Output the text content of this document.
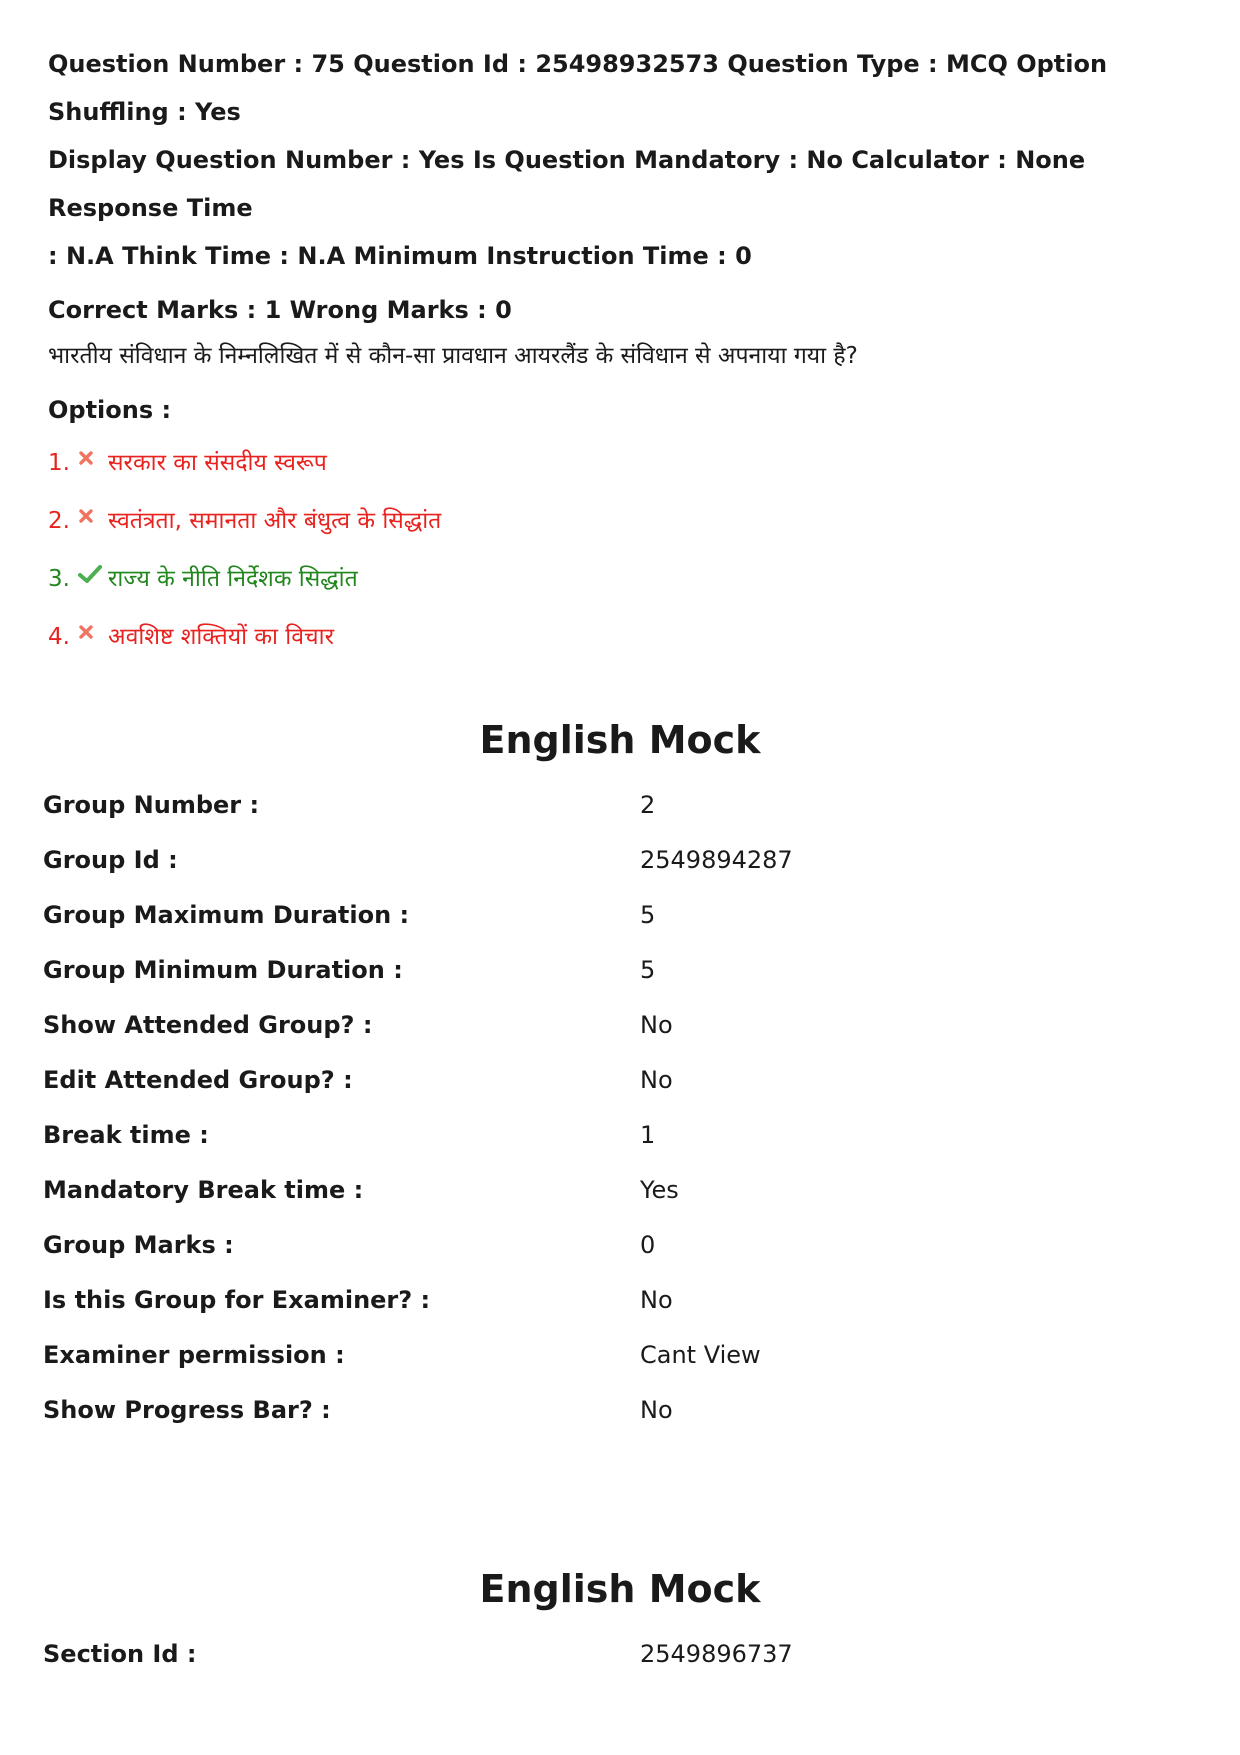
Question Number : 75 Question Id : 25498932573 Question Type : MCQ Option Shuffling : Yes

Display Question Number : Yes Is Question Mandatory : No Calculator : None Response Time

: N.A Think Time : N.A Minimum Instruction Time : 0

Correct Marks : 1 Wrong Marks : 0
भारतीय संविधान के निम्नलिखित में से कौन-सा प्रावधान आयरलैंड के संविधान से अपनाया गया है?
Options :
1.	सरकार का संसदीय स्वरूप
2.	स्वतंत्रता, समानता और बंधुत्व के सिद्धांत
3.	राज्य के नीति निर्देशक सिद्धांत
4.	अवशिष्ट शक्तियों का विचार
English Mock
Group Number :	2
Group Id :	2549894287
Group Maximum Duration :	5
Group Minimum Duration :	5
Show Attended Group? :	No
Edit Attended Group? :	No
Break time :	1
Mandatory Break time :	Yes
Group Marks :	0
Is this Group for Examiner? :	No
Examiner permission :	Cant View
Show Progress Bar? :	No
English Mock
Section Id :	2549896737
